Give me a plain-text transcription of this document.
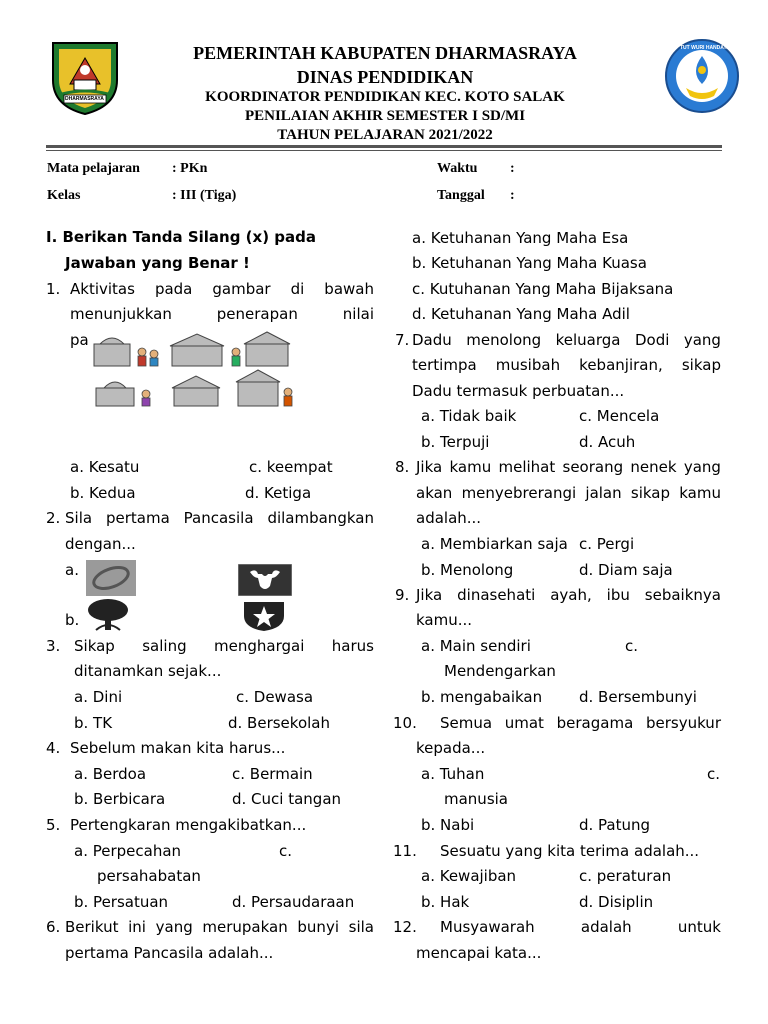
DHARMASRAYA
TUT WURI HANDAYANI
PEMERINTAH KABUPATEN DHARMASRAYA
DINAS PENDIDIKAN
KOORDINATOR PENDIDIKAN KEC. KOTO SALAK
PENILAIAN AKHIR SEMESTER I SD/MI
TAHUN PELAJARAN 2021/2022
Mata pelajaran : PKn	Waktu :
Kelas	: III (Tiga)	Tanggal :
I. Berikan Tanda Silang (x) pada
Jawaban yang Benar !
1. Aktivitas pada gambar di bawah
menunjukkan	penerapan	nilai
pa
a. Kesatu	c. keempat
b. Kedua	d. Ketiga
2. Sila pertama Pancasila dilambangkan
dengan...
a.
b.
3. Sikap saling menghargai harus
ditanamkan sejak...
a. Dini	c. Dewasa
b. TK	d. Bersekolah
4. Sebelum makan kita harus...
a. Berdoa	c. Bermain
b. Berbicara	d. Cuci tangan
5. Pertengkaran mengakibatkan...
a. Perpecahan	c.
persahabatan
b. Persatuan	d. Persaudaraan
6. Berikut ini yang merupakan bunyi sila
pertama Pancasila adalah...
a. Ketuhanan Yang Maha Esa
b. Ketuhanan Yang Maha Kuasa
c. Kutuhanan Yang Maha Bijaksana
d. Ketuhanan Yang Maha Adil
7. Dadu menolong keluarga Dodi yang
tertimpa musibah kebanjiran, sikap
Dadu termasuk perbuatan...
a. Tidak baik	c. Mencela
b. Terpuji	d. Acuh
8. Jika kamu melihat seorang nenek yang
akan menyebrerangi jalan sikap kamu
adalah...
a. Membiarkan saja c. Pergi
b. Menolong	d. Diam saja
9. Jika dinasehati ayah, ibu sebaiknya
kamu...
a. Main sendiri	c.
Mendengarkan
b. mengabaikan d. Bersembunyi
10. Semua umat beragama bersyukur
kepada...
a. Tuhan	c.
manusia
b. Nabi	d. Patung
11. Sesuatu yang kita terima adalah...
a. Kewajiban	c. peraturan
b. Hak	d. Disiplin
12. Musyawarah	adalah	untuk
mencapai kata...
